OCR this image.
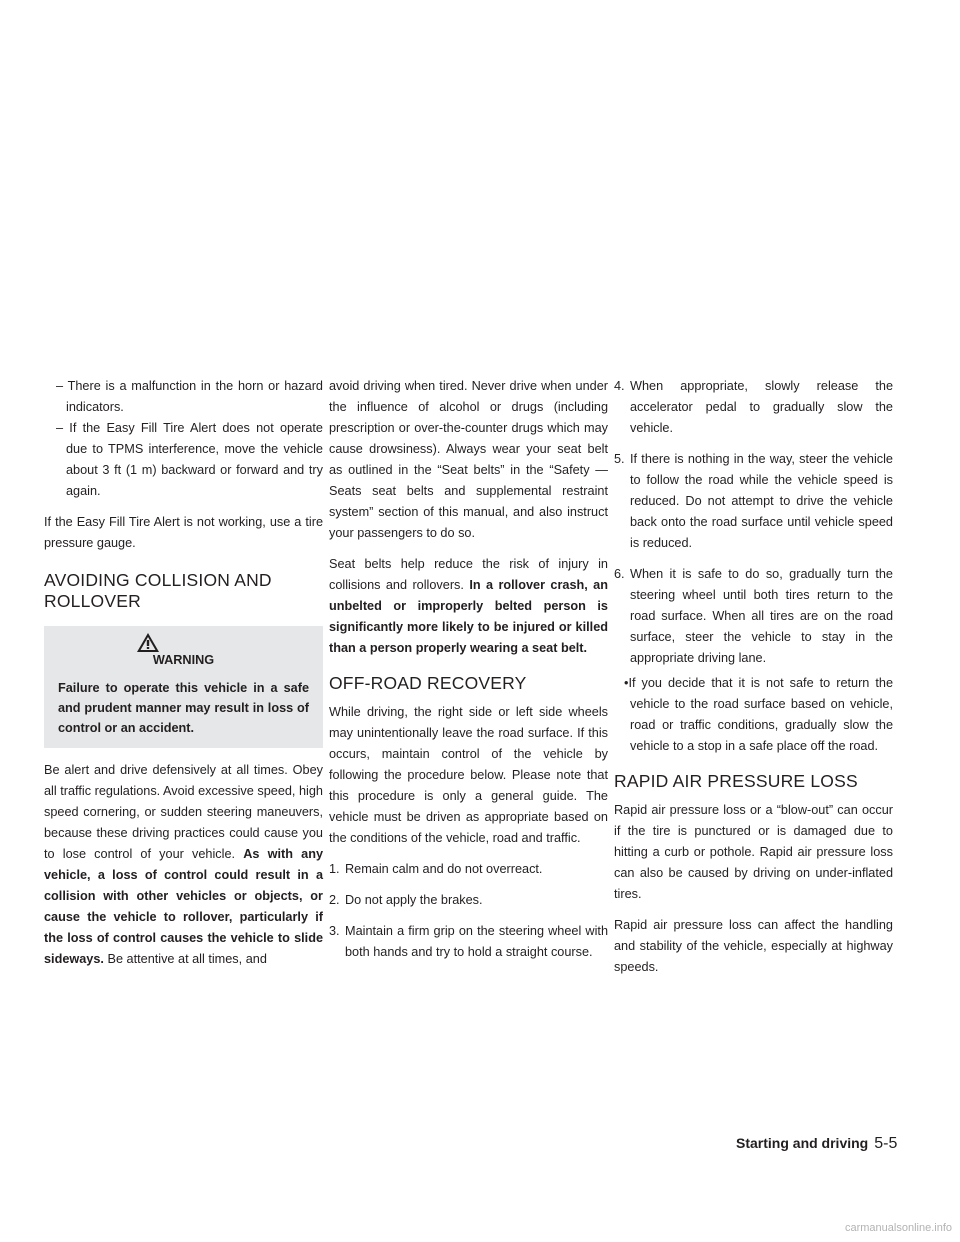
– There is a malfunction in the horn or hazard indicators.
– If the Easy Fill Tire Alert does not operate due to TPMS interference, move the vehicle about 3 ft (1 m) backward or forward and try again.

If the Easy Fill Tire Alert is not working, use a tire pressure gauge.

AVOIDING COLLISION AND
ROLLOVER
WARNING
Failure to operate this vehicle in a safe and prudent manner may result in loss of control or an accident.

Be alert and drive defensively at all times. Obey all traffic regulations. Avoid excessive speed, high speed cornering, or sudden steering maneuvers, because these driving practices could cause you to lose control of your vehicle. As with any vehicle, a loss of control could result in a collision with other vehicles or objects, or cause the vehicle to rollover, particularly if the loss of control causes the vehicle to slide sideways. Be attentive at all times, and

avoid driving when tired. Never drive when under the influence of alcohol or drugs (including prescription or over-the-counter drugs which may cause drowsiness). Always wear your seat belt as outlined in the “Seat belts” in the “Safety — Seats seat belts and supplemental restraint system” section of this manual, and also instruct your passengers to do so.

Seat belts help reduce the risk of injury in collisions and rollovers. In a rollover crash, an unbelted or improperly belted person is significantly more likely to be injured or killed than a person properly wearing a seat belt.

OFF-ROAD RECOVERY

While driving, the right side or left side wheels may unintentionally leave the road surface. If this occurs, maintain control of the vehicle by following the procedure below. Please note that this procedure is only a general guide. The vehicle must be driven as appropriate based on the conditions of the vehicle, road and traffic.

1. Remain calm and do not overreact.
2. Do not apply the brakes.
3. Maintain a firm grip on the steering wheel with both hands and try to hold a straight course.
4. When appropriate, slowly release the accelerator pedal to gradually slow the vehicle.
5. If there is nothing in the way, steer the vehicle to follow the road while the vehicle speed is reduced. Do not attempt to drive the vehicle back onto the road surface until vehicle speed is reduced.
6. When it is safe to do so, gradually turn the steering wheel until both tires return to the road surface. When all tires are on the road surface, steer the vehicle to stay in the appropriate driving lane.
• If you decide that it is not safe to return the vehicle to the road surface based on vehicle, road or traffic conditions, gradually slow the vehicle to a stop in a safe place off the road.
RAPID AIR PRESSURE LOSS

Rapid air pressure loss or a “blow-out” can occur if the tire is punctured or is damaged due to hitting a curb or pothole. Rapid air pressure loss can also be caused by driving on under-inflated tires.

Rapid air pressure loss can affect the handling and stability of the vehicle, especially at highway speeds.

Starting and driving 5-5
carmanualsonline.info
